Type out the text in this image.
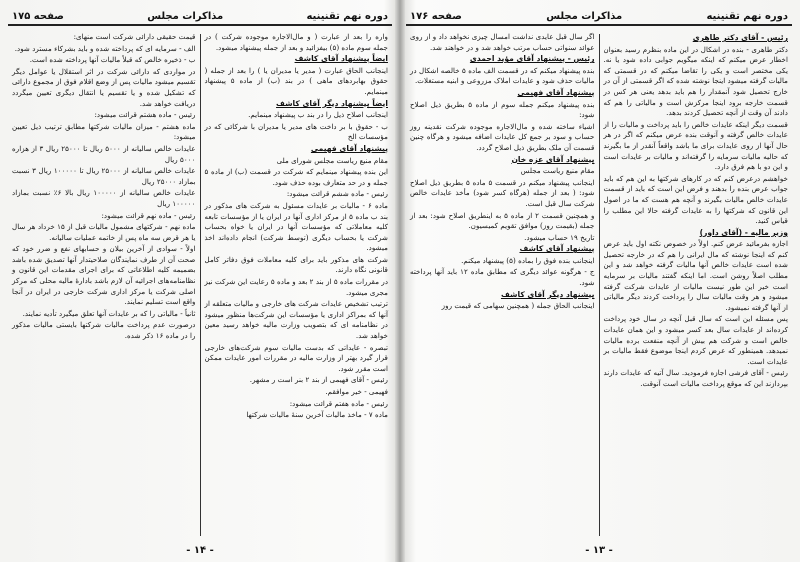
دوره نهم تقنینیه
مذاکرات مجلس
صفحه ۱۷۵

واره را بعد از عبارت ( و مال‌الاجاره موجوده شرکت ) در جمله سوم ماده (۵) بیفزائید و بعد از جمله پیشنهاد میشود.

ایضاً پیشنهاد آقای کاشف

اینجانب الحاق عبارت ( مدیر یا مدیران یا ) را بعد از جمله ( حقوق بهابردهای ماهی ) در بند (ب) از ماده ۵ پیشنهاد مینمایم.

ایضاً پیشنهاد دیگر آقای کاشف

اینجانب اصلاح ذیل را در بند ب پیشنهاد مینمایم.

ب - حقوق با بر داخت های مدیر یا مدیران با شرکائی که در مؤسسات الخ

پیشنهاد آقای فهیمی

مقام منیع ریاست مجلس شورای ملی

این بنده پیشنهاد مینمایم که شرکت در قسمت (ب) از ماده ۵ جمله و در حد متعارف بوده حذف شود.

رئیس - ماده ششم قرائت میشود:

ماده ۶ - مالیات بر عایدات مسئول به شرکت های مذکور در بند ب ماده ۵ از مرکز اداری آنها در ایران یا از مؤسسات تابعه کلیه معاملاتی که مؤسسات آنها در ایران یا خواه بحساب شرکت یا بحساب دیگری (توسط شرکت) انجام داده‌اند اخذ میشود.

شرکت های مذکور باید برای کلیه معاملات فوق دفاتر کامل قانونی نگاه دارند.

در مقررات ماده ۵ از بند ۲ بعد و ماده ۵ رعایت این شرکت نیز مجری میشود.

ترتیب تشخیص عایدات شرکت های خارجی و مالیات متعلقه از آنها که بمراکز اداری یا مؤسسات این شرکت‌ها منظور میشود در نظامنامه ای که بتصویب وزارت مالیه خواهد رسید معین خواهد شد.

تبصره - عایداتی که بدست مالیات سوم شرکت‌های خارجی قرار گیرد بهتر از وزارت مالیه در مقررات امور عایدات ممکن است مقرر شود.

رئیس - آقای فهیمی از بند ۲ بنر است ر مشهر.

فهیمی - خیر موافقم.

رئیس - ماده هفتم قرائت میشود:

ماده ۷ - ماخذ مالیات آخرین سنهٔ مالیات شرکتها

قیمت حقیقی دارائی شرکت است منهای:

الف - سرمایه ای که پرداخته شده و باید بشرکاء مسترد شود.

ب - ذخیره خالص که قبلاً مالیات آنها پرداخته شده است.

در مواردی که دارائی شرکت در اثر استقلال یا عوامل دیگر تقسیم میشود مالیات پس از وضع اقلام فوق از مجموع دارائی که تشکیل شده و یا تقسیم یا انتقال دیگری تعیین میگردد دریافت خواهد شد.

رئیس - ماده هشتم قرائت میشود:

ماده هشتم - میزان مالیات شرکتها مطابق ترتیب ذیل تعیین میشود:

عایدات خالص سالیانه از ۵۰۰۰ ریال تا ۲۵۰۰۰ ریال ۳ از هزاره ۵۰۰۰ ریال

عایدات خالص سالیانه از ۲۵۰۰۰ ریال تا ۱۰۰۰۰۰ ریال ۳ نسبت بمازاد ۲۵۰۰۰ ریال

عایدات خالص سالیانه از ۱۰۰۰۰۰ ریال بالا ۶٪ نسبت بمازاد ۱۰۰۰۰۰ ریال

رئیس - ماده نهم قرائت میشود:

ماده نهم - شرکتهای مشمول مالیات قبل از ۱۵ خرداد هر سال یا هر قرض سه ماه پس از خاتمه عملیات سالیانه.

اولاً - سوادی از آخرین بیلان و حسابهای نفع و ضرر خود که صحت آن از طرف نمایندگان صلاحیتدار آنها تصدیق شده باشد بضمیمه کلیه اطلاعاتی که برای اجرای مقدمات این قانون و نظامنامه‌های اجرائیه آن لازم باشد بادارهٔ مالیه محلی که مرکز اصلی شرکت یا مرکز اداری شرکت خارجی در ایران در آنجا واقع است تسلیم نمایند.

ثانیاً - مالیاتی را که بر عایدات آنها تعلق میگیرد تأدیه نمایند.

درصورت عدم پرداخت مالیات شرکتها بایستی مالیات مذکور را در ماده ۱۶ ذکر شده.

- ۱۴ -
دوره نهم تقنینیه
مذاکرات مجلس
صفحه ۱۷۶

رئیس - آقای دکتر طاهری

دکتر طاهری - بنده در اشکال در این ماده بنظرم رسید بعنوان اخطار عرض میکنم که اینکه میگویم جوابی داده شود یا نه. یکی مختصر است و یکی را تقاضا میکنم که در قسمتی که مالیات گرفته میشود اینجا نوشته شده که اگر قسمتی از آن در خارج تحصیل شود آنمقدار را هم باید بدهد یعنی هر کس در قسمت خارجه برود اینجا مرکزش است و مالیاتی را هم که دادند آن وقت از آنچه تحصیل کردند بدهد.

قسمت دیگر اینکه عایدات خالص را باید پرداخت و مالیات را از عایدات خالص گرفته و آنوقت بنده عرض میکنم که اگر در هر حال آنها از روی عایدات برای ما باشد واقعاً آنقدر از ما بگیرند که حالیه مالیات سرمایه را گرفته‌اند و مالیات بر عایدات است و این دو با هم فرق دارد.

خواهشم درعرض کنم که در کارهای شرکتها به این هم که باید جواب عرض بنده را بدهند و فرض این است که باید از قسمت عایدات خالص مالیات بگیرند و آنچه هم هست که ما در اصول این قانون که شرکتها را به عایدات گرفته حالا این مطلب را قیاس کنید.

وزیر مالیه - (آقای داور)

اجازه بفرمائید عرض کنم. اولاً در خصوص نکته اول باید عرض کنم که اینجا نوشته که مال ایرانی را هم که در خارجه تحصیل شده است عایدات خالص آنها مالیات گرفته خواهد شد و این مطلب اصلاً روشن است. اما اینکه گفتند مالیات بر سرمایه است خیر این طور نیست مالیات از عایدات شرکت گرفته میشود و هر وقت مالیات سال را پرداخت کردند دیگر مالیاتی از آنها گرفته نمیشود.

پس مسئله این است که سال قبل آنچه در سال خود پرداخت کرده‌اند از عایدات سال بعد کسر میشود و این همان عایدات خالص است و شرکت هم بیش از آنچه منفعت برده مالیات نمیدهد. همینطور که عرض کردم اینجا موضوع فقط مالیات بر عایدات است.

رئیس - آقای فرشی اجازه فرمودید. سال آتیه که عایدات دارند بپردازند این که موقع پرداخت مالیات است آنوقت.

اگر سال قبل عایدی نداشت امسال چیزی نخواهد داد و از روی عوائد سنواتی حساب مرتب خواهد شد و در خواهند شد.

رئیس - پیشنهاد آقای مؤید احمدی

بنده پیشنهاد میکنم که در قسمت الف ماده ۵ خالصه اشکال در مالیات حذف شود و عایدات املاک مزروعی و ابنیه مستغلات.

پیشنهاد آقای فهیمی

بنده پیشنهاد میکنم جمله سوم از ماده ۵ بطریق ذیل اصلاح شود:

اشیاء ساخته شده و مال‌الاجاره موجوده شرکت نقدینه روز حساب و سود بر جمع کل عایدات اضافه میشود و هرگاه چنین قسمت آن ملک بطریق ذیل اصلاح گردد.

پیشنهاد آقای عزه خان

مقام منیع ریاست مجلس

اینجانب پیشنهاد میکنم در قسمت ۵ ماده ۵ بطریق ذیل اصلاح شود: ( بعد از جمله (هرگاه کسر شود) مأخذ عایدات خالص شرکت سال قبل است.

و همچنین قسمت ۲ از ماده ۵ به اینطریق اصلاح شود: بعد از جمله (بقیمت روز) موافق تقویم کمیسیون.

تاریخ ۱۹ حساب میشود.

پیشنهاد آقای کاشف

اینجانب بنده فوق را بماده (۵) پیشنهاد میکنم.

ج - هرگونه عوائد دیگری که مطابق ماده ۱۲ باید آنها پرداخته شود.

پیشنهاد دیگر آقای کاشف

اینجانب الحاق جمله ( همچنین سهامی که قیمت روز

- ۱۳ -
